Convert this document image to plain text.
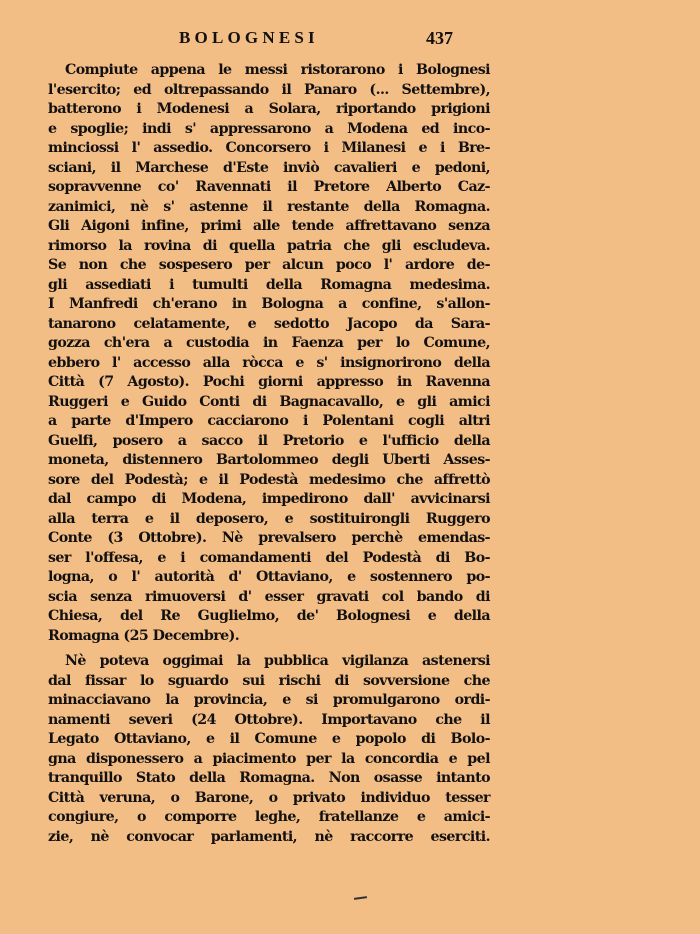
BOLOGNESI	437
Compiute appena le messi ristorarono i Bolognesi
l'esercito; ed oltrepassando il Panaro (... Settembre),
batterono i Modenesi a Solara, riportando prigioni
e spoglie; indi s' appressarono a Modena ed inco-
minciossi l' assedio. Concorsero i Milanesi e i Bre-
sciani, il Marchese d'Este inviò cavalieri e pedoni,
sopravvenne co' Ravennati il Pretore Alberto Caz-
zanimici, nè s' astenne il restante della Romagna.
Gli Aigoni infine, primi alle tende affrettavano senza
rimorso la rovina di quella patria che gli escludeva.
Se non che sospesero per alcun poco l' ardore de-
gli assediati i tumulti della Romagna medesima.
I Manfredi ch'erano in Bologna a confine, s'allon-
tanarono celatamente, e sedotto Jacopo da Sara-
gozza ch'era a custodia in Faenza per lo Comune,
ebbero l' accesso alla ròcca e s' insignorirono della
Città (7 Agosto). Pochi giorni appresso in Ravenna
Ruggeri e Guido Conti di Bagnacavallo, e gli amici
a parte d'Impero cacciarono i Polentani cogli altri
Guelfi, posero a sacco il Pretorio e l'ufficio della
moneta, distennero Bartolommeo degli Uberti Asses-
sore del Podestà; e il Podestà medesimo che affrettò
dal campo di Modena, impedirono dall' avvicinarsi
alla terra e il deposero, e sostituirongli Ruggero
Conte (3 Ottobre). Nè prevalsero perchè emendas-
ser l'offesa, e i comandamenti del Podestà di Bo-
logna, o l' autorità d' Ottaviano, e sostennero po-
scia senza rimuoversi d' esser gravati col bando di
Chiesa, del Re Guglielmo, de' Bolognesi e della
Romagna (25 Decembre).
Nè poteva oggimai la pubblica vigilanza astenersi
dal fissar lo sguardo sui rischi di sovversione che
minacciavano la provincia, e si promulgarono ordi-
namenti severi (24 Ottobre). Importavano che il
Legato Ottaviano, e il Comune e popolo di Bolo-
gna disponessero a piacimento per la concordia e pel
tranquillo Stato della Romagna. Non osasse intanto
Città veruna, o Barone, o privato individuo tesser
congiure, o comporre leghe, fratellanze e amici-
zie, nè convocar parlamenti, nè raccorre eserciti.
